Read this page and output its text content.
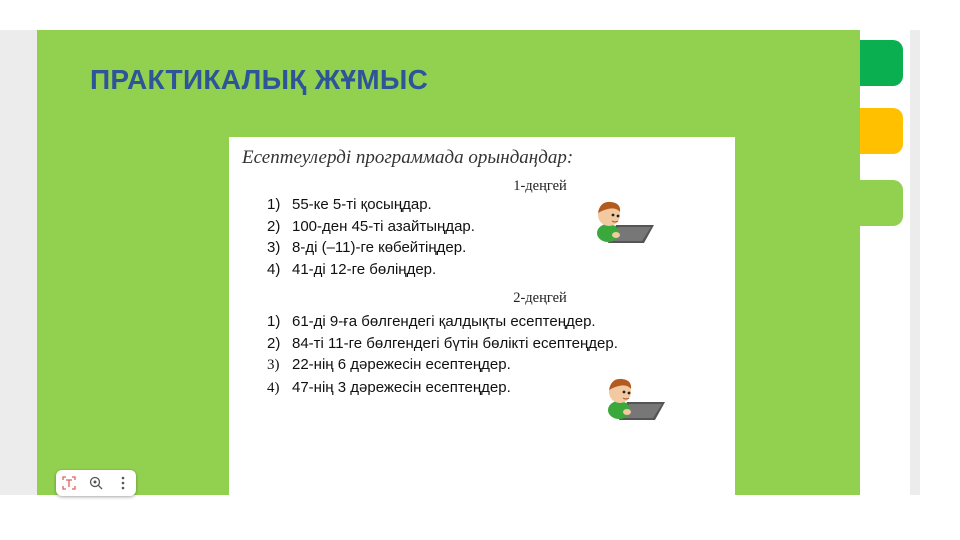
ПРАКТИКАЛЫҚ ЖҰМЫС
Есептеулерді программада орындаңдар:
1-деңгей
1) 55-ке 5-ті қосыңдар.
2) 100-ден 45-ті азайтыңдар.
3) 8-ді (–11)-ге көбейтіңдер.
4) 41-ді 12-ге бөліңдер.
2-деңгей
1) 61-ді 9-ға бөлгендегі қалдықты есептеңдер.
2) 84-ті 11-ге бөлгендегі бүтін бөлікті есептеңдер.
3) 22-нің 6 дәрежесін есептеңдер.
4) 47-нің 3 дәрежесін есептеңдер.
